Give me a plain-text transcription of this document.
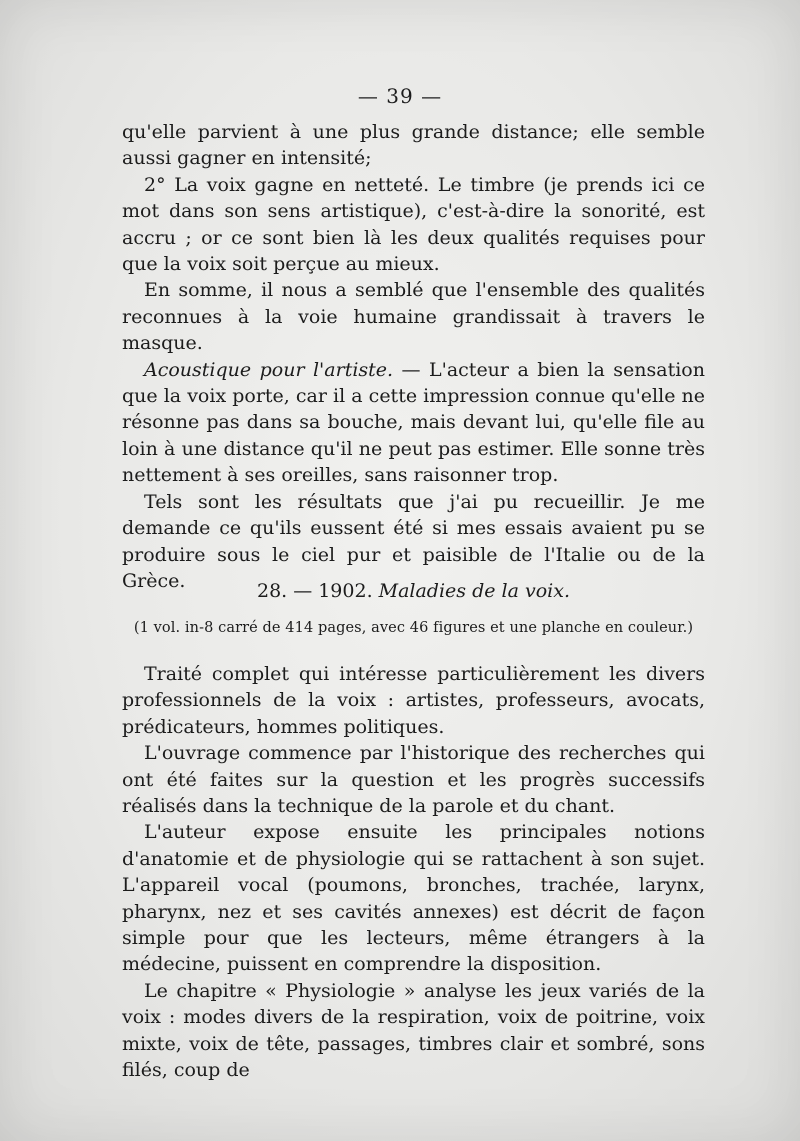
— 39 —

qu'elle parvient à une plus grande distance; elle semble aussi gagner en intensité;

2° La voix gagne en netteté. Le timbre (je prends ici ce mot dans son sens artistique), c'est-à-dire la sonorité, est accru ; or ce sont bien là les deux qualités requises pour que la voix soit perçue au mieux.

En somme, il nous a semblé que l'ensemble des qualités reconnues à la voie humaine grandissait à travers le masque.

Acoustique pour l'artiste. — L'acteur a bien la sensation que la voix porte, car il a cette impression connue qu'elle ne résonne pas dans sa bouche, mais devant lui, qu'elle file au loin à une distance qu'il ne peut pas estimer. Elle sonne très nettement à ses oreilles, sans raisonner trop.

Tels sont les résultats que j'ai pu recueillir. Je me demande ce qu'ils eussent été si mes essais avaient pu se produire sous le ciel pur et paisible de l'Italie ou de la Grèce.	28. — 1902. Maladies de la voix.
(1 vol. in-8 carré de 414 pages, avec 46 figures et une planche en couleur.)

Traité complet qui intéresse particulièrement les divers professionnels de la voix : artistes, professeurs, avocats, prédicateurs, hommes politiques.

L'ouvrage commence par l'historique des recherches qui ont été faites sur la question et les progrès successifs réalisés dans la technique de la parole et du chant.

L'auteur expose ensuite les principales notions d'anatomie et de physiologie qui se rattachent à son sujet. L'appareil vocal (poumons, bronches, trachée, larynx, pharynx, nez et ses cavités annexes) est décrit de façon simple pour que les lecteurs, même étrangers à la médecine, puissent en comprendre la disposition.

Le chapitre « Physiologie » analyse les jeux variés de la voix : modes divers de la respiration, voix de poitrine, voix mixte, voix de tête, passages, timbres clair et sombré, sons filés, coup de
